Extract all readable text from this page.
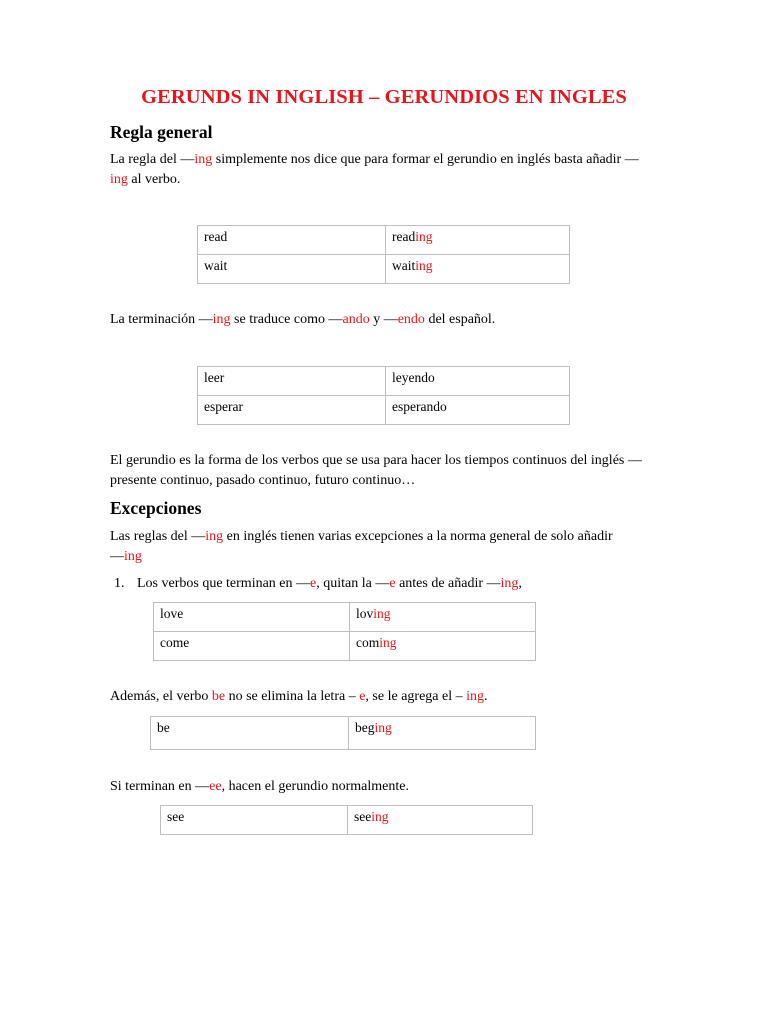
GERUNDS IN INGLISH – GERUNDIOS EN INGLES
Regla general

La regla del —ing simplemente nos dice que para formar el gerundio en inglés basta añadir —ing al verbo.

read	reading
wait	waiting

La terminación —ing se traduce como —ando y —endo del español.

leer	leyendo
esperar	esperando

El gerundio es la forma de los verbos que se usa para hacer los tiempos continuos del inglés —presente continuo, pasado continuo, futuro continuo…

Excepciones

Las reglas del —ing en inglés tienen varias excepciones a la norma general de solo añadir —ing

1. Los verbos que terminan en —e, quitan la —e antes de añadir —ing,

love	loving
come	coming

Además, el verbo be no se elimina la letra – e, se le agrega el – ing.

be	beging

Si terminan en —ee, hacen el gerundio normalmente.

see	seeing
